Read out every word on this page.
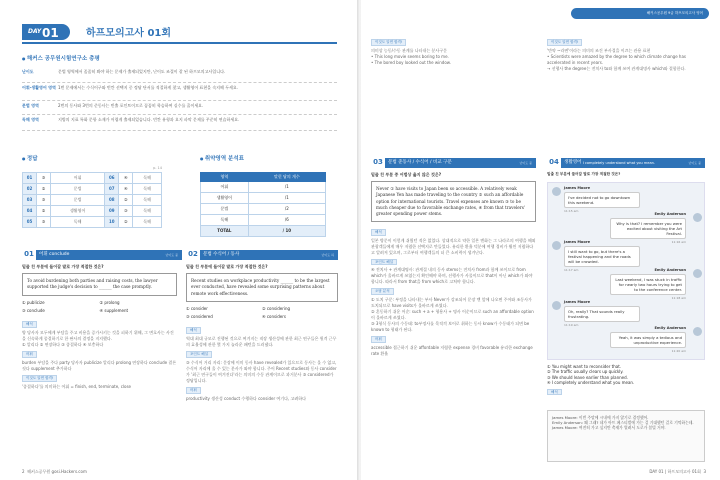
DAY 01	하프모의고사 01회
● 해커스 공무원시험연구소 총평
난이도	문법 영역에서 꼼꼼히 봐야 하는 문제가 출제되었지만, 난이도 조절이 잘 된 하프모의고사입니다.
어휘·생활영어 영역 1번 문제에서는 수식어구와 빈칸 선택지 중 정답 단서를 적절하게 찾고, 생활영어 표현을 숙지해 두세요.
문법 영역	2번의 동사와 3번의 준동사는 빈출 포인트이므로 꼼꼼히 학습하여 실수를 줄이세요.
독해 영역	지방의 지표 특화 문항 소재가 어렵게 출제되었습니다. 빈칸 유형과 요지 파악 문제를 꾸준히 연습하세요.
● 정답
p. 14
01	③	어휘	06	④	독해
02	②	문법	07	④	독해
03	③	문법	08	②	독해
04	②	생활영어	09	③	독해
05	③	독해	10	②	독해
● 취약영역 분석표
영역	맞힌 답의 개수
어휘	/1
생활영어	/1
문법	/2
독해	/6
TOTAL	/ 10
01	어휘
conclude	난이도 중
밑줄 친 부분에 들어갈 말로 가장 적절한 것은?
To avoid burdening both parties and raising costs, the lawyer supported the judge's decision to ______ the case promptly.
① publicize	② prolong
③ conclude	④ supplement
해석
양 당사자 모두에게 부담을 주고 비용을 증가시키는 것을 피하기 위해, 그 변호사는 사건을 신속하게 종결하기로 한 판사의 결정을 지지했다.
① 알리다 ② 연장하다 ③ 종결하다 ④ 보충하다
어휘
burden 부담을 주다 party 당사자 publicize 알리다 prolong 연장하다 conclude 결론짓다 supplement 추가하다
이것도 알면 합격!
'종결하다'를 의미하는 어휘 = finish, end, terminate, close
02	문법
수식어 / 동사	난이도 하
밑줄 친 부분에 들어갈 말로 가장 적절한 것은?
Recent studies on workplace productivity ______ to be the largest ever conducted, have revealed some surprising patterns about remote work effectiveness.
① consider	② considering
③ considered	④ considers
해석
역대 최대 규모로 진행된 것으로 여겨지는 직장 생산성에 관한 최근 연구들은 원격 근무의 효율성에 관한 몇 가지 놀라운 패턴을 드러냈다.
포인트 해설
③ 수식어 거리 자리: 문장에 이미 동사 have revealed가 있으므로 동사는 올 수 없고, 수식어 자리에 올 수 있는 분사가 와야 합니다. 주어 Recent studies와 동사 consider가 '최근 연구들이 여겨진다'라는 의미의 수동 관계이므로 과거분사 ③ considered가 정답입니다.
어휘
productivity 생산성 conduct 수행하다 consider 여기다, 고려하다
2 해커스공무원 gosi.Hackers.com
해커스공무원 9급 하프모의고사 영어
이것도 알면 합격!
의미상 능동/수동 관계를 나타내는 분사구문
• This long movie seems boring to me.
• The bored boy looked out the window.
이것도 알면 합격!
'만약 ~라면'이라는 의미의 조건 부사절을 이끄는 관용 표현
• Scientists were amazed by the degree to which climate change has accelerated in recent years.
→ 선행사 the degree는 전치사 to와 함께 쓰여 관계대명사 which와 결합한다.
03	문법
준동사 / 수식어 / 비교 구문	난이도 중
밑줄 친 부분 중 어법상 옳지 않은 것은?
Never ① have visits to Japan been so accessible. A relatively weak Japanese Yen has made traveling to the country ② such an affordable option for international tourists. Travel expenses are known ③ to be much cheaper due to favorable exchange rates, ④ from that travelers' greater spending power stems.
해석
일본 방문이 이렇게 쉬웠던 적은 없었다. 상대적으로 약한 일본 엔화는 그 나라로의 여행을 해외 관광객들에게 매우 저렴한 선택지로 만들었다. 유리한 환율 덕분에 여행 경비가 훨씬 저렴하다고 알려져 있으며, 그로부터 여행객들의 더 큰 소비력이 생겨난다.
포인트 해설
④ 전치사 + 관계대명사: 관계절 내의 동사 stems는 전치사 from과 함께 쓰이므로 from which가 올바르게 쓰였는지 확인해야 하며, 선행사가 사물이므로 that이 아닌 which가 와야 합니다. 따라서 from that을 from which로 고쳐야 합니다.
오답 분석
① 도치 구문: 부정을 나타내는 부사 Never가 강조되어 문장 맨 앞에 나오면 주어와 조동사가 도치되므로 have visits가 올바르게 쓰였다.
② 혼동하기 쉬운 어순: such + a + 형용사 + 명사 어순이므로 such an affordable option이 올바르게 쓰였다.
③ 3형식 동사의 수동태: to부정사를 목적격 보어로 취하는 동사 know가 수동태가 되면 be known to 형태가 된다.
어휘
accessible 접근하기 쉬운 affordable 저렴한 expense 경비 favorable 유리한 exchange rate 환율
04	생활영어
I completely understand what you mean.	난이도 중
밑줄 친 부분에 들어갈 말로 가장 적절한 것은?
James Moore
I've decided not to go downtown this weekend.
11:15 am
Emily Anderson
Why is that? I remember you were excited about visiting the Art Festival.
11:16 am
James Moore
I still want to go, but there's a festival happening and the roads will be crowded.
11:17 am	Emily Anderson
Last weekend, I was stuck in traffic for nearly two hours trying to get to the conference center.
11:18 am
James Moore
Oh, really? That sounds really frustrating.
11:19 am
Emily Anderson
Yeah, it was simply a tedious and unproductive experience.
11:20 am
① You might want to reconsider that.
② The traffic usually clears up quickly.
③ We should leave earlier than planned.
④ I completely understand what you mean.
해석
James Moore: 이번 주말에 시내에 가지 않기로 결정했어.
Emily Anderson: 왜 그래? 네가 아트 페스티벌에 가는 걸 기대했던 걸로 기억하는데.
James Moore: 여전히 가고 싶지만 축제가 열려서 도로가 붐빌 거야.
DAY 01 | 하프모의고사 01회 3
